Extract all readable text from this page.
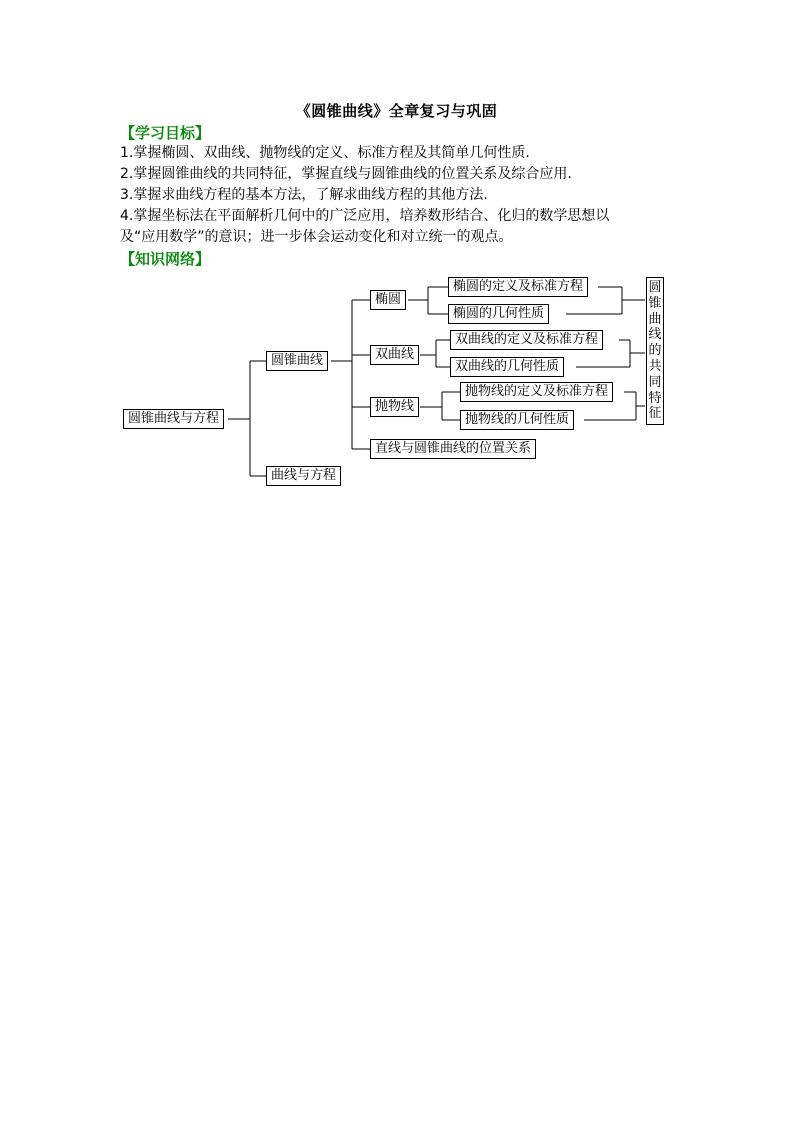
《圆锥曲线》全章复习与巩固
【学习目标】
1.掌握椭圆、双曲线、抛物线的定义、标准方程及其简单几何性质.
2.掌握圆锥曲线的共同特征，掌握直线与圆锥曲线的位置关系及综合应用.
3.掌握求曲线方程的基本方法，了解求曲线方程的其他方法.
4.掌握坐标法在平面解析几何中的广泛应用，培养数形结合、化归的数学思想以
及“应用数学”的意识；进一步体会运动变化和对立统一的观点。
【知识网络】
圆锥曲线与方程
圆锥曲线
曲线与方程
椭圆
双曲线
抛物线
直线与圆锥曲线的位置关系
椭圆的定义及标准方程
椭圆的几何性质
双曲线的定义及标准方程
双曲线的几何性质
抛物线的定义及标准方程
抛物线的几何性质
圆锥曲线的共同特征
